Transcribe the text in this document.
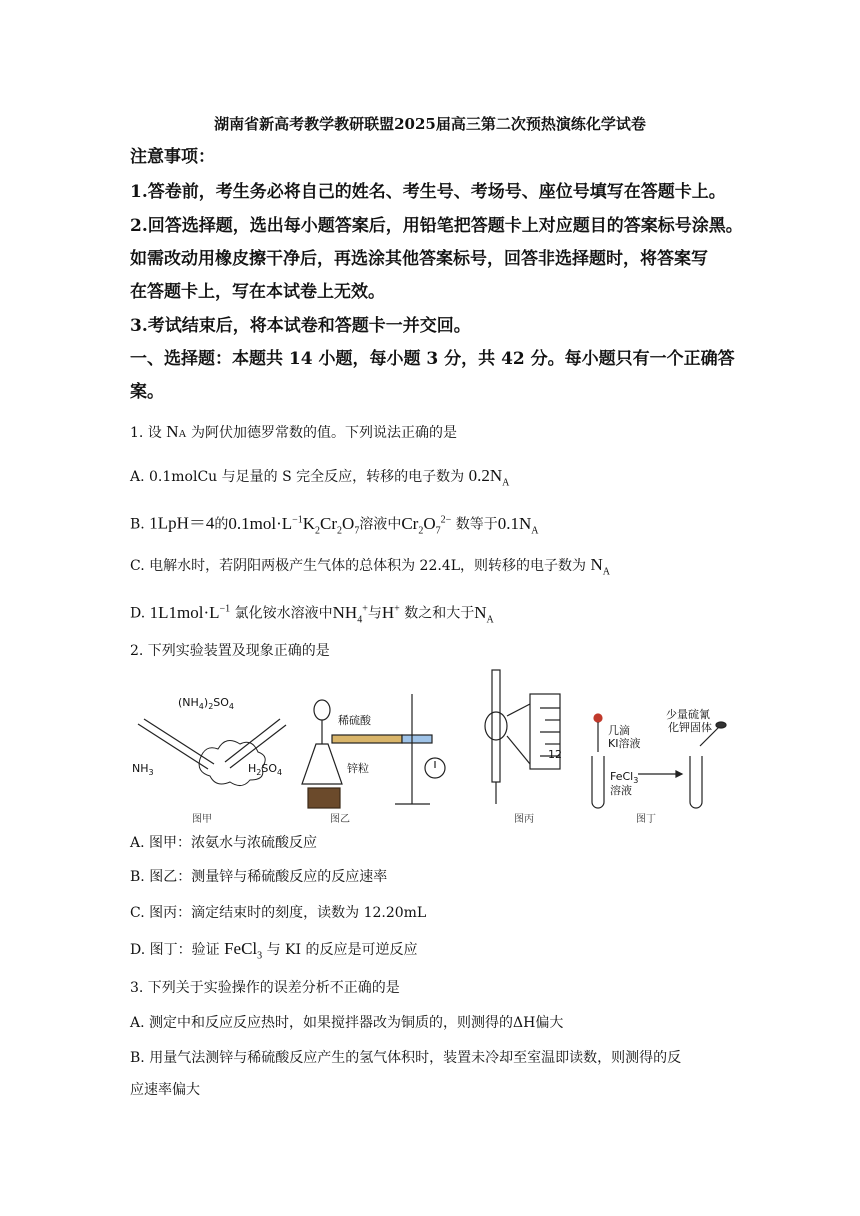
湖南省新高考教学教研联盟2025届高三第二次预热演练化学试卷
注意事项：
1.答卷前，考生务必将自己的姓名、考生号、考场号、座位号填写在答题卡上。
2.回答选择题，选出每小题答案后，用铅笔把答题卡上对应题目的答案标号涂黑。
如需改动用橡皮擦干净后，再选涂其他答案标号，回答非选择题时，将答案写
在答题卡上，写在本试卷上无效。
3.考试结束后，将本试卷和答题卡一并交回。
一、选择题：本题共 14 小题，每小题 3 分，共 42 分。每小题只有一个正确答
案。
1. 设 NA 为阿伏加德罗常数的值。下列说法正确的是
A. 0.1molCu 与足量的 S 完全反应，转移的电子数为 $0.2N_A$
B. 1LpH＝4的$0.1mol\cdot L^{-1}K_2Cr_2O_7$溶液中$Cr_2O_7^{2-}$ 数等于$0.1N_A$
C. 电解水时，若阴阳两极产生气体的总体积为 22.4L，则转移的电子数为 $N_A$
D. $1L1mol\cdot L^{-1}$ 氯化铵水溶液中$NH_4^+$与H+ 数之和大于$N_A$
2. 下列实验装置及现象正确的是
$(NH_4)_2SO_4$
$NH_3$	$H_2SO_4$
图甲
稀硫酸
锌粒
图乙
12
图丙
几滴
KI溶液
FeCl$_3$
溶液
少量硫氰
化钾固体
图丁
A. 图甲：浓氨水与浓硫酸反应
B. 图乙：测量锌与稀硫酸反应的反应速率
C. 图丙：滴定结束时的刻度，读数为 12.20mL
D. 图丁：验证 FeCl$_3$ 与 KI 的反应是可逆反应
3. 下列关于实验操作的误差分析不正确的是
A. 测定中和反应反应热时，如果搅拌器改为铜质的，则测得的ΔH偏大
B. 用量气法测锌与稀硫酸反应产生的氢气体积时，装置未冷却至室温即读数，则测得的反
应速率偏大
